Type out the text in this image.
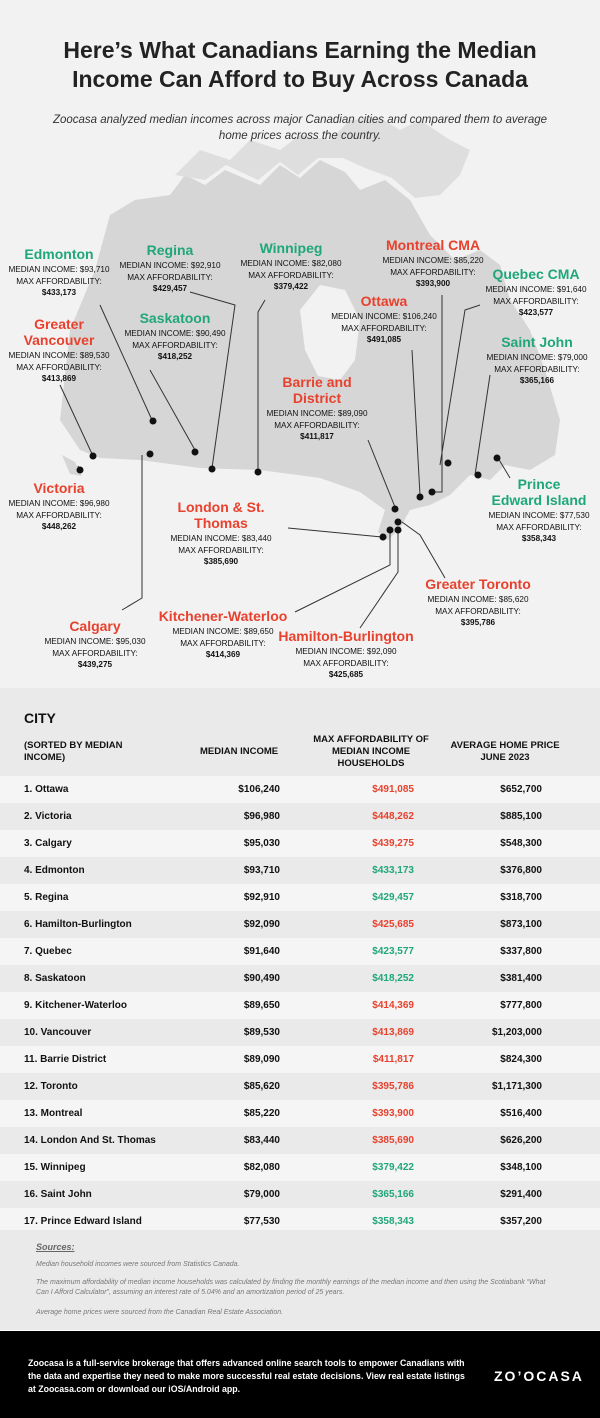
Here’s What Canadians Earning the Median Income Can Afford to Buy Across Canada
Zoocasa analyzed median incomes across major Canadian cities and compared them to average home prices across the country.
Edmonton
MEDIAN INCOME: $93,710
MAX AFFORDABILITY:
$433,173
Regina
MEDIAN INCOME: $92,910
MAX AFFORDABILITY:
$429,457
Winnipeg
MEDIAN INCOME: $82,080
MAX AFFORDABILITY:
$379,422
Montreal CMA
MEDIAN INCOME: $85,220
MAX AFFORDABILITY:
$393,900
Quebec CMA
MEDIAN INCOME: $91,640
MAX AFFORDABILITY:
$423,577
Greater Vancouver
MEDIAN INCOME: $89,530
MAX AFFORDABILITY:
$413,869
Saskatoon
MEDIAN INCOME: $90,490
MAX AFFORDABILITY:
$418,252
Ottawa
MEDIAN INCOME: $106,240
MAX AFFORDABILITY:
$491,085	Saint John
MEDIAN INCOME: $79,000
MAX AFFORDABILITY:
$365,166
Barrie and District
MEDIAN INCOME: $89,090
MAX AFFORDABILITY:
$411,817
Victoria
MEDIAN INCOME: $96,980
MAX AFFORDABILITY:
$448,262
London & St. Thomas
MEDIAN INCOME: $83,440
MAX AFFORDABILITY:
$385,690
Prince Edward Island
MEDIAN INCOME: $77,530
MAX AFFORDABILITY:
$358,343
Greater Toronto
MEDIAN INCOME: $85,620
MAX AFFORDABILITY:
$395,786
Calgary
MEDIAN INCOME: $95,030
MAX AFFORDABILITY:
$439,275
Kitchener-Waterloo
MEDIAN INCOME: $89,650
MAX AFFORDABILITY:
$414,369
Hamilton-Burlington
MEDIAN INCOME: $92,090
MAX AFFORDABILITY:
$425,685
CITY
(SORTED BY MEDIAN INCOME)
MEDIAN INCOME
MAX AFFORDABILITY OF MEDIAN INCOME HOUSEHOLDS
AVERAGE HOME PRICE JUNE 2023
1. Ottawa	$106,240	$491,085	$652,700
2. Victoria	$96,980	$448,262	$885,100
3. Calgary	$95,030	$439,275	$548,300
4. Edmonton	$93,710	$433,173	$376,800
5. Regina	$92,910	$429,457	$318,700
6. Hamilton-Burlington	$92,090	$425,685	$873,100
7. Quebec	$91,640	$423,577	$337,800
8. Saskatoon	$90,490	$418,252	$381,400
9. Kitchener-Waterloo	$89,650	$414,369	$777,800
10. Vancouver	$89,530	$413,869	$1,203,000
11. Barrie District	$89,090	$411,817	$824,300
12. Toronto	$85,620	$395,786	$1,171,300
13. Montreal	$85,220	$393,900	$516,400
14. London And St. Thomas	$83,440	$385,690	$626,200
15. Winnipeg	$82,080	$379,422	$348,100
16. Saint John	$79,000	$365,166	$291,400
17. Prince Edward Island	$77,530	$358,343	$357,200
Sources:
Median household incomes were sourced from Statistics Canada.
The maximum affordability of median income households was calculated by finding the monthly earnings of the median income and then using the Scotiabank “What Can I Afford Calculator”, assuming an interest rate of 5.04% and an amortization period of 25 years.
Average home prices were sourced from the Canadian Real Estate Association.
Zoocasa is a full-service brokerage that offers advanced online search tools to empower Canadians with the data and expertise they need to make more successful real estate decisions. View real estate listings at Zoocasa.com or download our iOS/Android app.
ZO’OCASA
